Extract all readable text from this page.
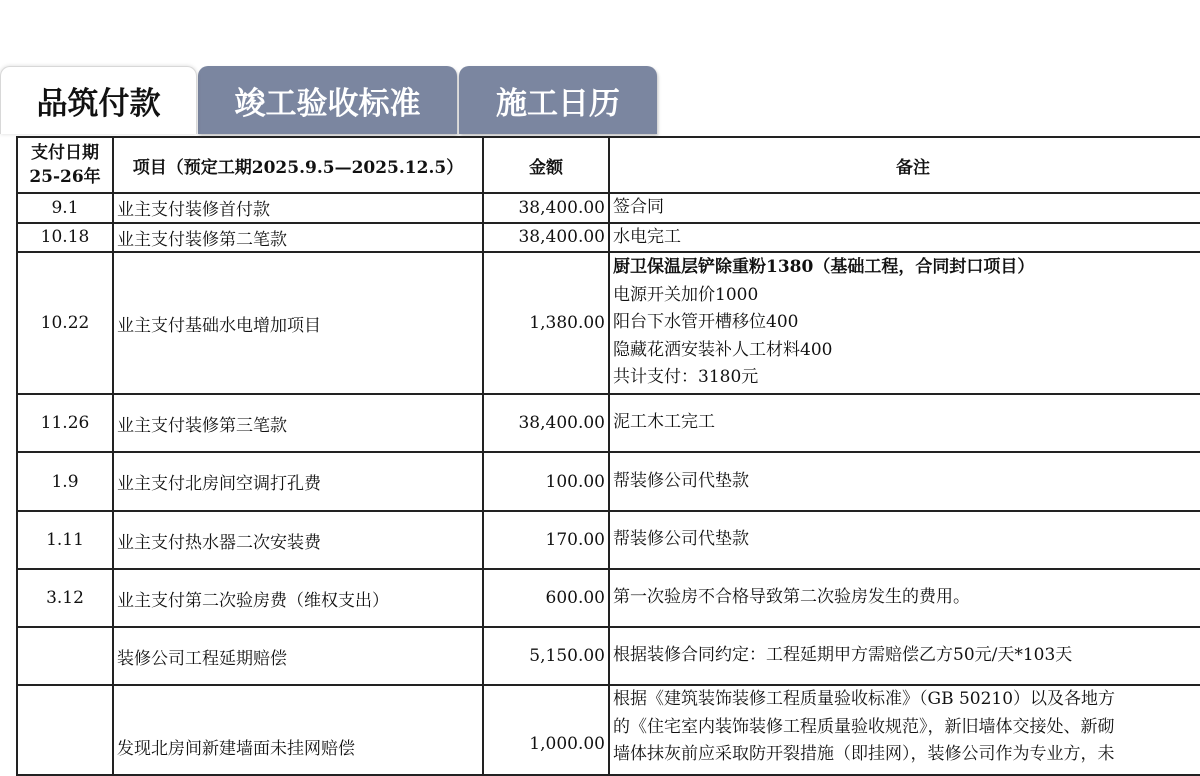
品筑付款	竣工验收标准	施工日历
支付日期
25-26年	项目（预定工期2025.9.5—2025.12.5）	金额	备注
9.1	业主支付装修首付款	38,400.00	签合同
10.18	业主支付装修第二笔款	38,400.00	水电完工
10.22	业主支付基础水电增加项目	1,380.00	厨卫保温层铲除重粉1380（基础工程，合同封口项目）
电源开关加价1000
阳台下水管开槽移位400
隐藏花洒安装补人工材料400
共计支付：3180元

11.26	业主支付装修第三笔款	38,400.00	泥工木工完工
1.9	业主支付北房间空调打孔费	100.00	帮装修公司代垫款
1.11	业主支付热水器二次安装费	170.00	帮装修公司代垫款
3.12	业主支付第二次验房费（维权支出）	600.00	第一次验房不合格导致第二次验房发生的费用。
	装修公司工程延期赔偿	5,150.00	根据装修合同约定：工程延期甲方需赔偿乙方50元/天*103天
	发现北房间新建墙面未挂网赔偿	1,000.00	根据《建筑装饰装修工程质量验收标准》（GB 50210）以及各地方
的《住宅室内装饰装修工程质量验收规范》，新旧墙体交接处、新砌
墙体抹灰前应采取防开裂措施（即挂网），装修公司作为专业方，未
